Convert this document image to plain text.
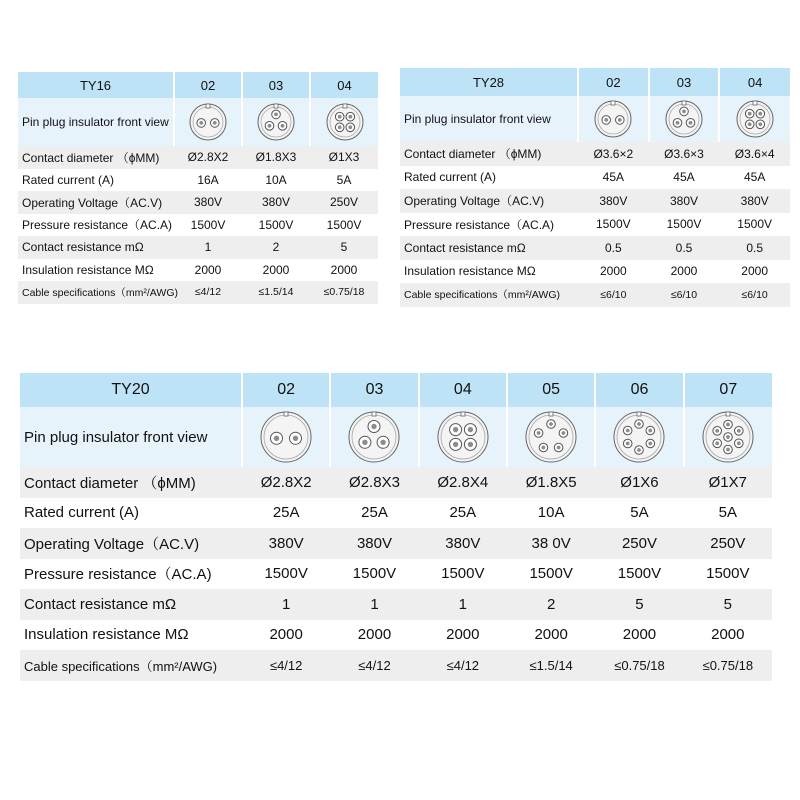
TY16	02	03	04
Pin plug insulator front view	

Contact diameter （ϕMM)	Ø2.8X2	Ø1.8X3	Ø1X3
Rated current (A)	16A	10A	5A
Operating Voltage（AC.V)	380V	380V	250V
Pressure resistance（AC.A)	1500V	1500V	1500V
Contact resistance mΩ	1	2	5
Insulation resistance MΩ	2000	2000	2000
Cable specifications（mm²/AWG)	≤4/12	≤1.5/14	≤0.75/18
TY28	02	03	04
Pin plug insulator front view	

Contact diameter （ϕMM)	Ø3.6×2	Ø3.6×3	Ø3.6×4
Rated current (A)	45A	45A	45A
Operating Voltage（AC.V)	380V	380V	380V
Pressure resistance（AC.A)	1500V	1500V	1500V
Contact resistance mΩ	0.5	0.5	0.5
Insulation resistance MΩ	2000	2000	2000
Cable specifications（mm²/AWG)	≤6/10	≤6/10	≤6/10
TY20	02	03	04	05	06	07
Pin plug insulator front view	

Contact diameter （ϕMM)	Ø2.8X2	Ø2.8X3	Ø2.8X4	Ø1.8X5	Ø1X6	Ø1X7
Rated current (A)	25A	25A	25A	10A	5A	5A
Operating Voltage（AC.V)	380V	380V	380V	38 0V	250V	250V
Pressure resistance（AC.A)	1500V	1500V	1500V	1500V	1500V	1500V
Contact resistance mΩ	1	1	1	2	5	5
Insulation resistance MΩ	2000	2000	2000	2000	2000	2000
Cable specifications（mm²/AWG)	≤4/12	≤4/12	≤4/12	≤1.5/14	≤0.75/18	≤0.75/18
